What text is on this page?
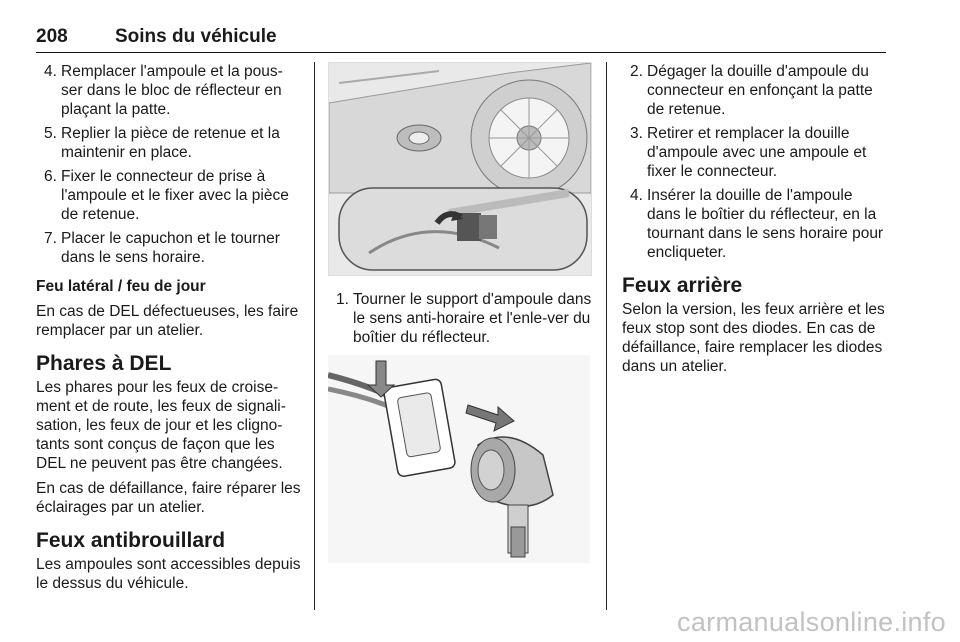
208 Soins du véhicule
4. Remplacer l'ampoule et la pous-ser dans le bloc de réflecteur en plaçant la patte.
5. Replier la pièce de retenue et la maintenir en place.
6. Fixer le connecteur de prise à l'ampoule et le fixer avec la pièce de retenue.
7. Placer le capuchon et le tourner dans le sens horaire.
Feu latéral / feu de jour

En cas de DEL défectueuses, les faire remplacer par un atelier.

Phares à DEL

Les phares pour les feux de croise-ment et de route, les feux de signali-sation, les feux de jour et les cligno-tants sont conçus de façon que les DEL ne peuvent pas être changées.

En cas de défaillance, faire réparer les éclairages par un atelier.

Feux antibrouillard

Les ampoules sont accessibles depuis le dessus du véhicule.

1. Tourner le support d'ampoule dans le sens anti-horaire et l'enle-ver du boîtier du réflecteur.
2. Dégager la douille d'ampoule du connecteur en enfonçant la patte de retenue.
3. Retirer et remplacer la douille d'ampoule avec une ampoule et fixer le connecteur.
4. Insérer la douille de l'ampoule dans le boîtier du réflecteur, en la tournant dans le sens horaire pour encliqueter.
Feux arrière

Selon la version, les feux arrière et les feux stop sont des diodes. En cas de défaillance, faire remplacer les diodes dans un atelier.

carmanualsonline.info
